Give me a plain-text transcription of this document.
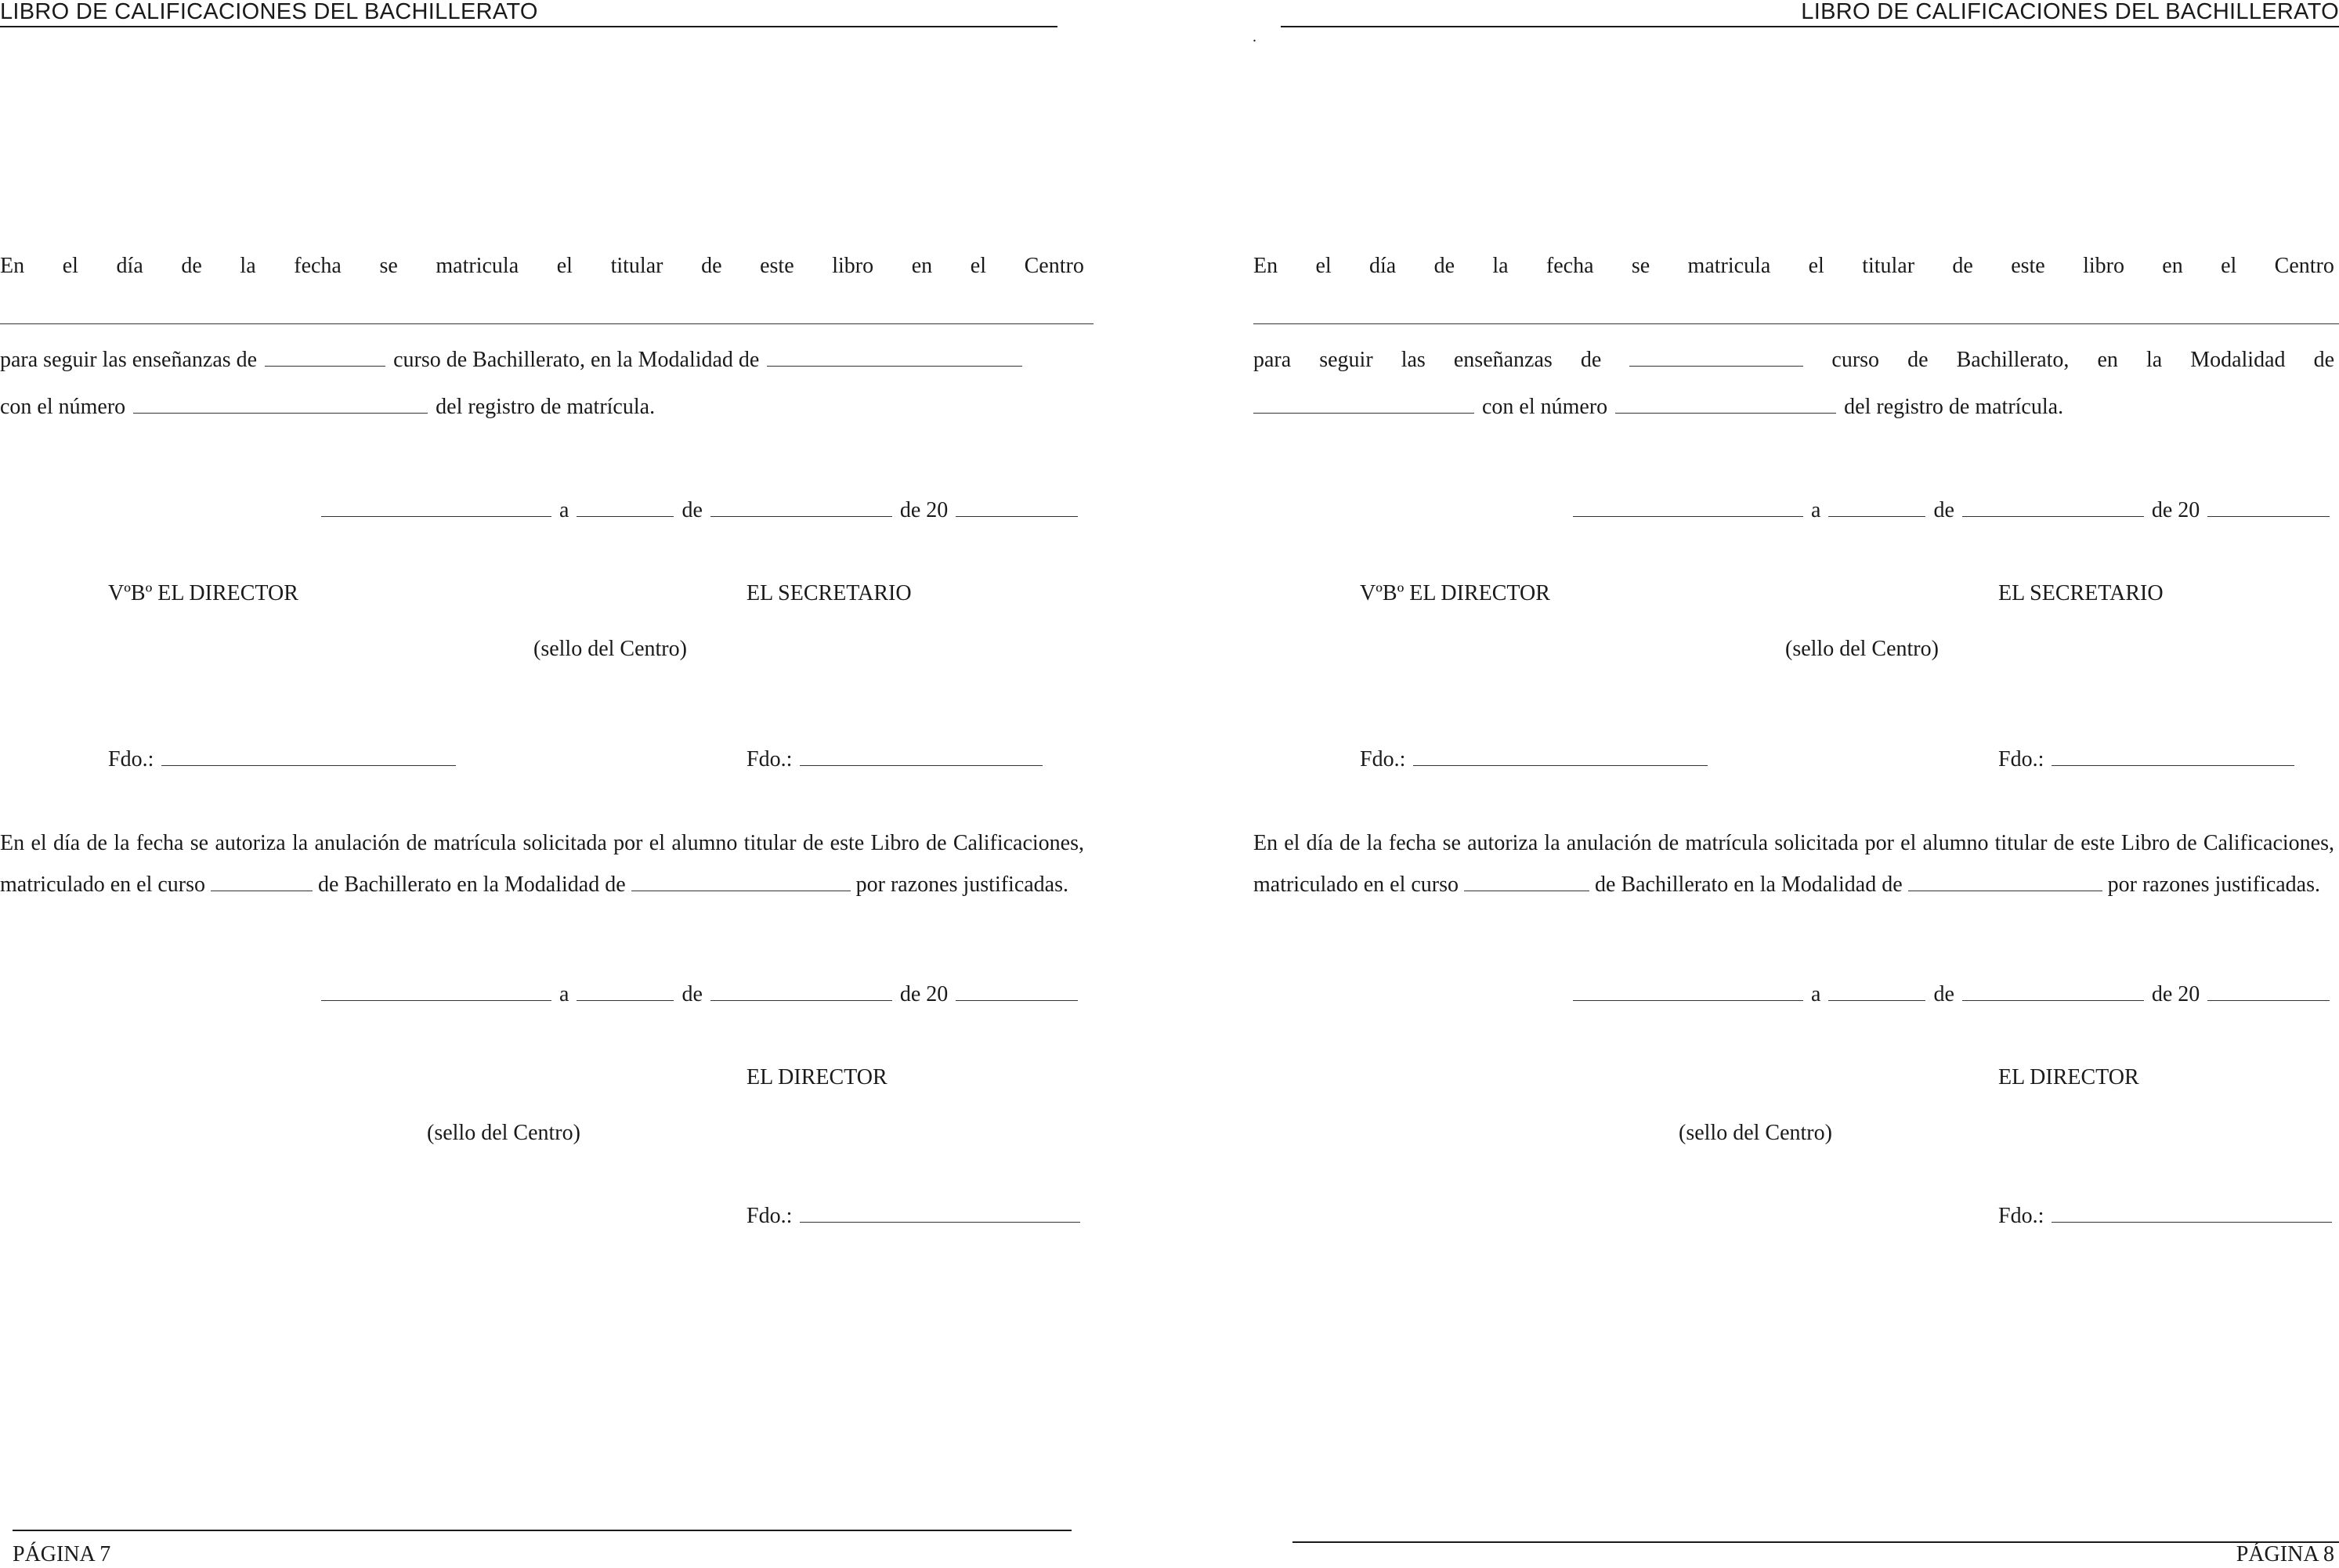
LIBRO DE CALIFICACIONES DEL BACHILLERATO
En el día de la fecha se matricula el titular de este libro en el Centro
para seguir las enseñanzas de	curso de Bachillerato, en la Modalidad de
con el número	del registro de matrícula.
a	de	de 20
VºBº EL DIRECTOR	EL SECRETARIO
(sello del Centro)
Fdo.:	Fdo.:
En el día de la fecha se autoriza la anulación de matrícula solicitada por el alumno titular de este Libro de Calificaciones, matriculado en el curso	de Bachillerato en la Modalidad de	por razones justificadas.
a	de	de 20
EL DIRECTOR
(sello del Centro)
Fdo.:
PÁGINA 7
LIBRO DE CALIFICACIONES DEL BACHILLERATO
.
En el día de la fecha se matricula el titular de este libro en el Centro
para seguir las enseñanzas de	curso de Bachillerato, en la Modalidad de
con el número	del registro de matrícula.
a	de	de 20
VºBº EL DIRECTOR	EL SECRETARIO
(sello del Centro)
Fdo.:	Fdo.:
En el día de la fecha se autoriza la anulación de matrícula solicitada por el alumno titular de este Libro de Calificaciones, matriculado en el curso	de Bachillerato en la Modalidad de	por razones justificadas.
a	de	de 20
EL DIRECTOR
(sello del Centro)
Fdo.:
PÁGINA 8
